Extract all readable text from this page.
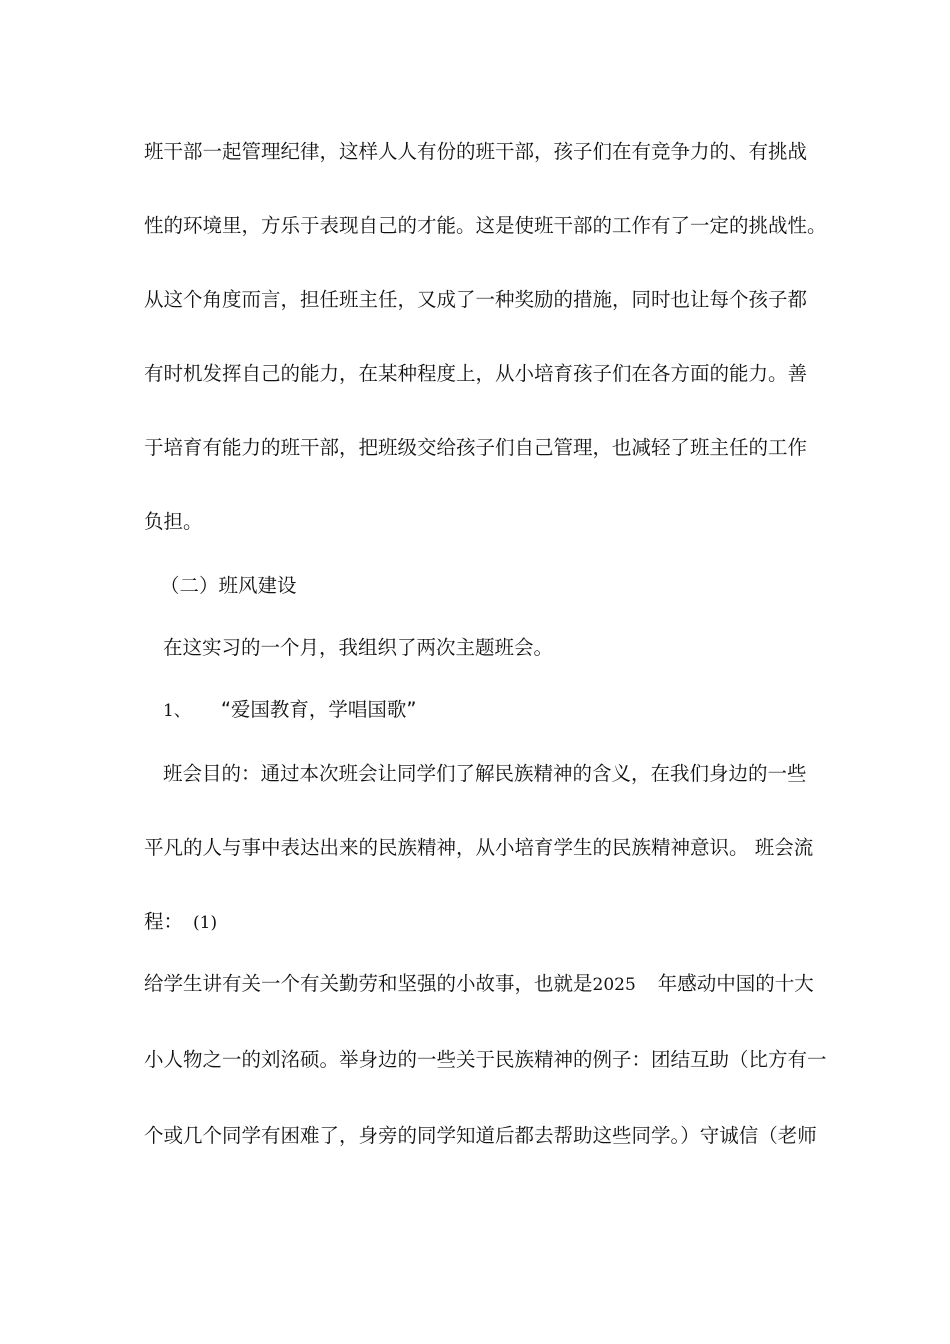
班干部一起管理纪律，这样人人有份的班干部，孩子们在有竞争力的、有挑战
性的环境里，方乐于表现自己的才能。这是使班干部的工作有了一定的挑战性。
从这个角度而言，担任班主任，又成了一种奖励的措施，同时也让每个孩子都
有时机发挥自己的能力，在某种程度上，从小培育孩子们在各方面的能力。善
于培育有能力的班干部，把班级交给孩子们自己管理，也减轻了班主任的工作
负担。
（二）班风建设
在这实习的一个月，我组织了两次主题班会。
1、 “爱国教育，学唱国歌”
班会目的：通过本次班会让同学们了解民族精神的含义，在我们身边的一些
平凡的人与事中表达出来的民族精神，从小培育学生的民族精神意识。 班会流
程： (1)
给学生讲有关一个有关勤劳和坚强的小故事，也就是2025 年感动中国的十大
小人物之一的刘洺硕。举身边的一些关于民族精神的例子：团结互助（比方有一
个或几个同学有困难了，身旁的同学知道后都去帮助这些同学。）守诚信（老师
